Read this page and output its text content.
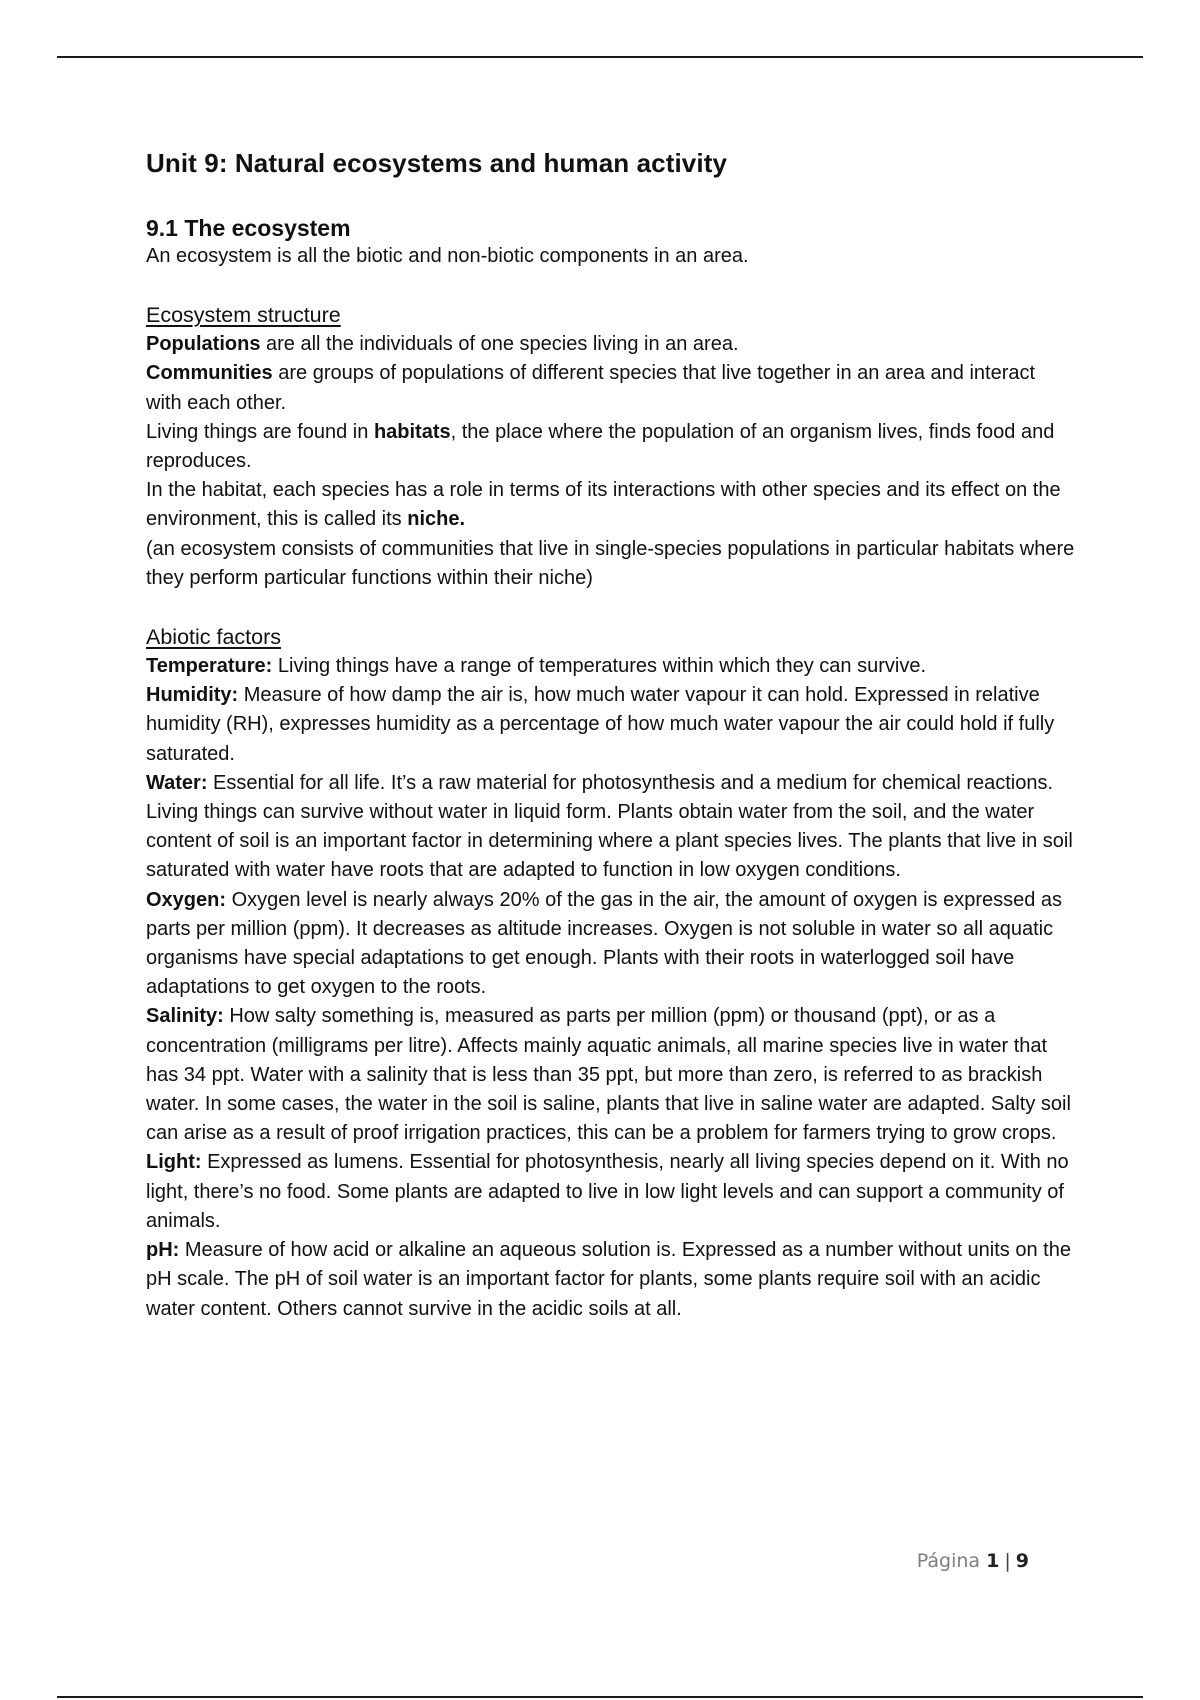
Unit 9: Natural ecosystems and human activity
9.1 The ecosystem

An ecosystem is all the biotic and non-biotic components in an area.

Ecosystem structure

Populations are all the individuals of one species living in an area.

Communities are groups of populations of different species that live together in an area and interact with each other.

Living things are found in habitats, the place where the population of an organism lives, finds food and reproduces.

In the habitat, each species has a role in terms of its interactions with other species and its effect on the environment, this is called its niche.

(an ecosystem consists of communities that live in single-species populations in particular habitats where they perform particular functions within their niche)

Abiotic factors

Temperature: Living things have a range of temperatures within which they can survive.

Humidity: Measure of how damp the air is, how much water vapour it can hold. Expressed in relative humidity (RH), expresses humidity as a percentage of how much water vapour the air could hold if fully saturated.

Water: Essential for all life. It’s a raw material for photosynthesis and a medium for chemical reactions. Living things can survive without water in liquid form. Plants obtain water from the soil, and the water content of soil is an important factor in determining where a plant species lives. The plants that live in soil saturated with water have roots that are adapted to function in low oxygen conditions.

Oxygen: Oxygen level is nearly always 20% of the gas in the air, the amount of oxygen is expressed as parts per million (ppm). It decreases as altitude increases. Oxygen is not soluble in water so all aquatic organisms have special adaptations to get enough. Plants with their roots in waterlogged soil have adaptations to get oxygen to the roots.

Salinity: How salty something is, measured as parts per million (ppm) or thousand (ppt), or as a concentration (milligrams per litre). Affects mainly aquatic animals, all marine species live in water that has 34 ppt. Water with a salinity that is less than 35 ppt, but more than zero, is referred to as brackish water. In some cases, the water in the soil is saline, plants that live in saline water are adapted. Salty soil can arise as a result of proof irrigation practices, this can be a problem for farmers trying to grow crops.

Light: Expressed as lumens. Essential for photosynthesis, nearly all living species depend on it. With no light, there’s no food. Some plants are adapted to live in low light levels and can support a community of animals.

pH: Measure of how acid or alkaline an aqueous solution is. Expressed as a number without units on the pH scale. The pH of soil water is an important factor for plants, some plants require soil with an acidic water content. Others cannot survive in the acidic soils at all.

Página 1 | 9
